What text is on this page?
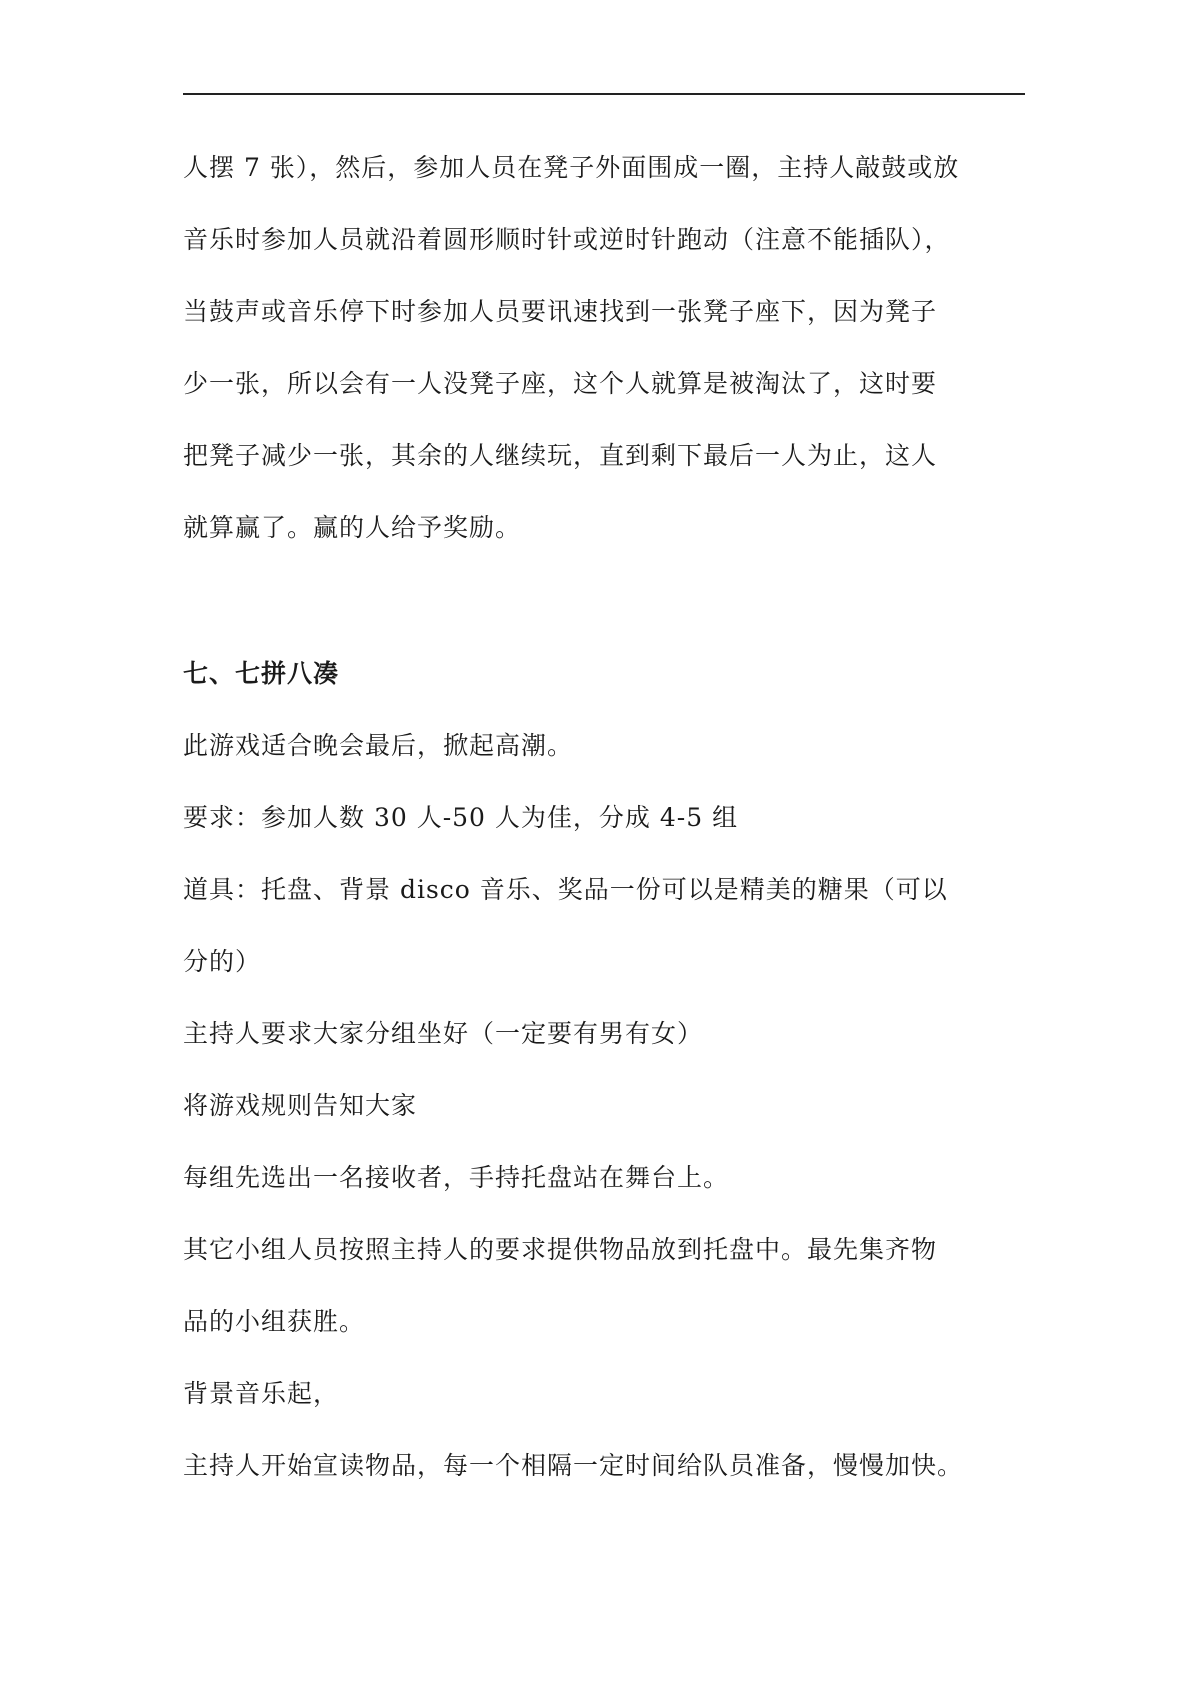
人摆 7 张），然后，参加人员在凳子外面围成一圈，主持人敲鼓或放
音乐时参加人员就沿着圆形顺时针或逆时针跑动（注意不能插队），
当鼓声或音乐停下时参加人员要讯速找到一张凳子座下，因为凳子
少一张，所以会有一人没凳子座，这个人就算是被淘汰了，这时要
把凳子减少一张，其余的人继续玩，直到剩下最后一人为止，这人
就算赢了。赢的人给予奖励。
七、七拼八凑
此游戏适合晚会最后，掀起高潮。
要求：参加人数 30 人-50 人为佳，分成 4-5 组
道具：托盘、背景 disco 音乐、奖品一份可以是精美的糖果（可以
分的）
主持人要求大家分组坐好（一定要有男有女）
将游戏规则告知大家
每组先选出一名接收者，手持托盘站在舞台上。
其它小组人员按照主持人的要求提供物品放到托盘中。最先集齐物
品的小组获胜。
背景音乐起，
主持人开始宣读物品，每一个相隔一定时间给队员准备，慢慢加快。
